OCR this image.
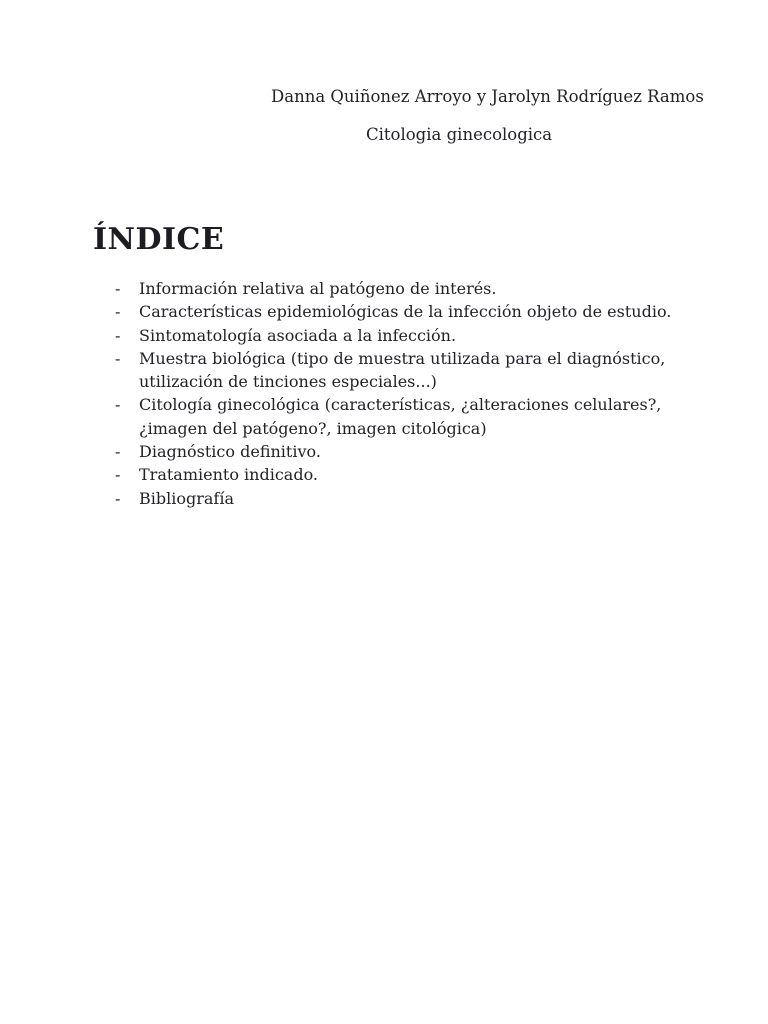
Danna Quiñonez Arroyo y Jarolyn Rodríguez Ramos
Citologia ginecologica
ÍNDICE
-	Información relativa al patógeno de interés.
-	Características epidemiológicas de la infección objeto de estudio.
-	Sintomatología asociada a la infección.
-	Muestra biológica (tipo de muestra utilizada para el diagnóstico, utilización de tinciones especiales...)
-	Citología ginecológica (características, ¿alteraciones celulares?, ¿imagen del patógeno?, imagen citológica)
-	Diagnóstico definitivo.
-	Tratamiento indicado.
-	Bibliografía
